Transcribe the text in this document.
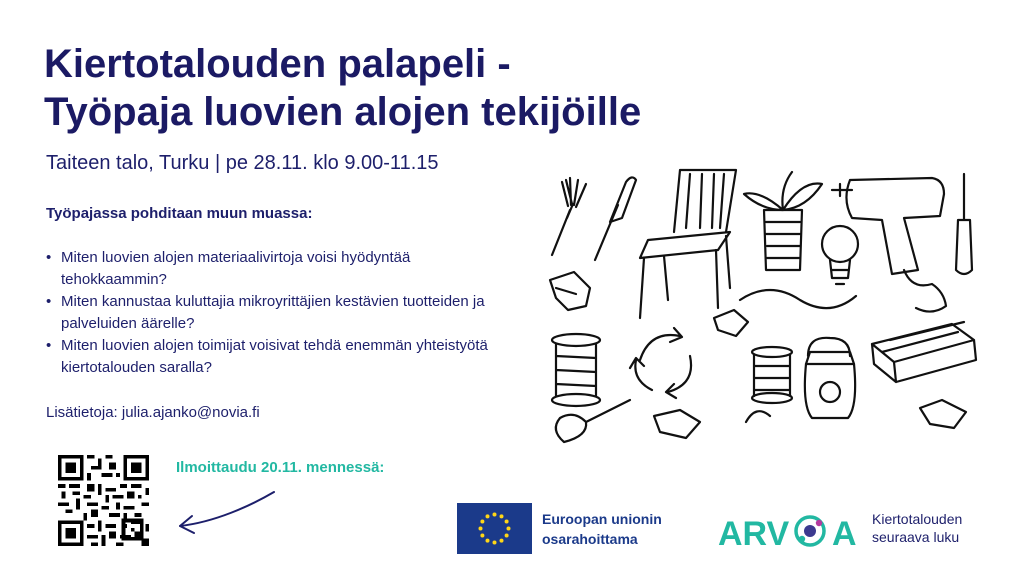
Kiertotalouden palapeli -
Työpaja luovien alojen tekijöille
Taiteen talo, Turku | pe 28.11. klo 9.00-11.15
Työpajassa pohditaan muun muassa:
• Miten luovien alojen materiaalivirtoja voisi hyödyntää tehokkaammin?
• Miten kannustaa kuluttajia mikroyrittäjien kestävien tuotteiden ja palveluiden äärelle?
• Miten luovien alojen toimijat voisivat tehdä enemmän yhteistyötä kiertotalouden saralla?
Lisätietoja: julia.ajanko@novia.fi
Ilmoittaudu 20.11. mennessä:
Euroopan unionin
osarahoittama	ARV A Kiertotalouden
seuraava luku
